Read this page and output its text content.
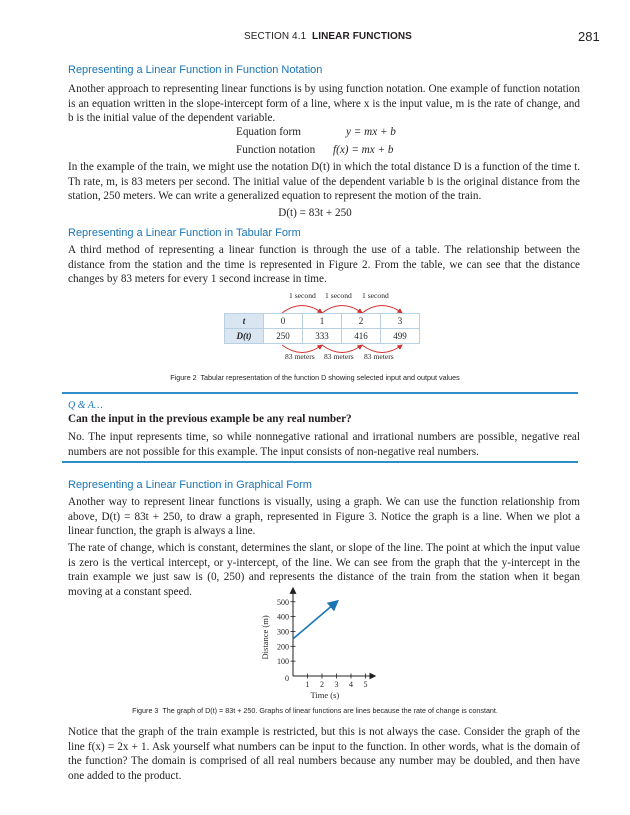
SECTION 4.1 LINEAR FUNCTIONS	281
Representing a Linear Function in Function Notation

Another approach to representing linear functions is by using function notation. One example of function notation is an equation written in the slope-intercept form of a line, where x is the input value, m is the rate of change, and b is the initial value of the dependent variable.

Equation form	y = mx + b
Function notation f(x) = mx + b

In the example of the train, we might use the notation D(t) in which the total distance D is a function of the time t. Th rate, m, is 83 meters per second. The initial value of the dependent variable b is the original distance from the station, 250 meters. We can write a generalized equation to represent the motion of the train.

D(t) = 83t + 250
Representing a Linear Function in Tabular Form

A third method of representing a linear function is through the use of a table. The relationship between the distance from the station and the time is represented in Figure 2. From the table, we can see that the distance changes by 83 meters for every 1 second increase in time.

1 second 1 second 1 second
t	0	1	2	3
D(t)	250	333	416	499
83 meters 83 meters 83 meters
Figure 2 Tabular representation of the function D showing selected input and output values
Q & A…
Can the input in the previous example be any real number?

No. The input represents time, so while nonnegative rational and irrational numbers are possible, negative real numbers are not possible for this example. The input consists of non-negative real numbers.

Representing a Linear Function in Graphical Form

Another way to represent linear functions is visually, using a graph. We can use the function relationship from above, D(t) = 83t + 250, to draw a graph, represented in Figure 3. Notice the graph is a line. When we plot a linear function, the graph is always a line.

The rate of change, which is constant, determines the slant, or slope of the line. The point at which the input value is zero is the vertical intercept, or y-intercept, of the line. We can see from the graph that the y-intercept in the train example we just saw is (0, 250) and represents the distance of the train from the station when it began moving at a constant speed.

1 2 3 4 5
100
200
300
400
500
0
Time (s)
Distance (m)
Figure 3 The graph of D(t) = 83t + 250. Graphs of linear functions are lines because the rate of change is constant.

Notice that the graph of the train example is restricted, but this is not always the case. Consider the graph of the line f(x) = 2x + 1. Ask yourself what numbers can be input to the function. In other words, what is the domain of the function? The domain is comprised of all real numbers because any number may be doubled, and then have one added to the product.
